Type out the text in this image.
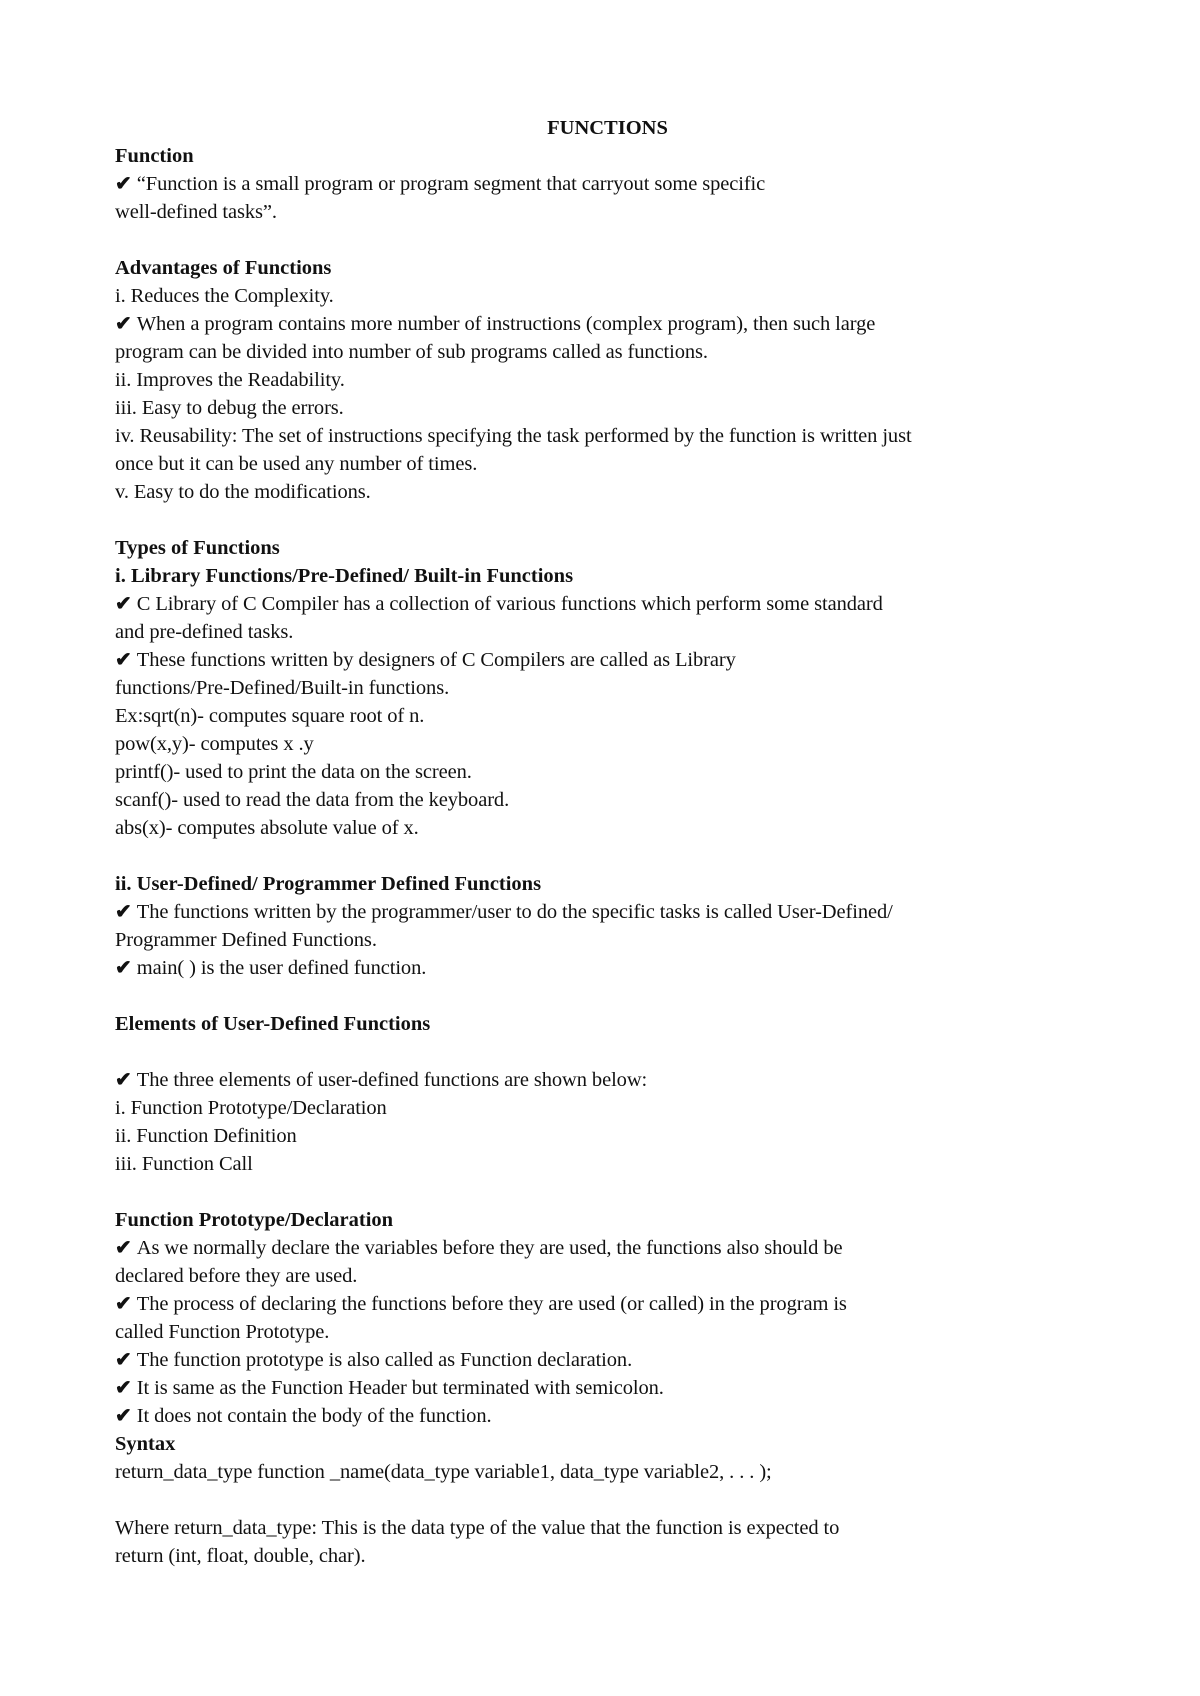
FUNCTIONS
Function
✔ “Function is a small program or program segment that carryout some specific
well-defined tasks”.
Advantages of Functions
i. Reduces the Complexity.
✔ When a program contains more number of instructions (complex program), then such large
program can be divided into number of sub programs called as functions.
ii. Improves the Readability.
iii. Easy to debug the errors.
iv. Reusability: The set of instructions specifying the task performed by the function is written just
once but it can be used any number of times.
v. Easy to do the modifications.
Types of Functions
i. Library Functions/Pre-Defined/ Built-in Functions
✔ C Library of C Compiler has a collection of various functions which perform some standard
and pre-defined tasks.
✔ These functions written by designers of C Compilers are called as Library
functions/Pre-Defined/Built-in functions.
Ex:sqrt(n)- computes square root of n.
pow(x,y)- computes x .y
printf()- used to print the data on the screen.
scanf()- used to read the data from the keyboard.
abs(x)- computes absolute value of x.
ii. User-Defined/ Programmer Defined Functions
✔ The functions written by the programmer/user to do the specific tasks is called User-Defined/
Programmer Defined Functions.
✔ main( ) is the user defined function.
Elements of User-Defined Functions
✔ The three elements of user-defined functions are shown below:
i. Function Prototype/Declaration
ii. Function Definition
iii. Function Call
Function Prototype/Declaration
✔ As we normally declare the variables before they are used, the functions also should be
declared before they are used.
✔ The process of declaring the functions before they are used (or called) in the program is
called Function Prototype.
✔ The function prototype is also called as Function declaration.
✔ It is same as the Function Header but terminated with semicolon.
✔ It does not contain the body of the function.
Syntax
return_data_type function _name(data_type variable1, data_type variable2, . . . );
Where return_data_type: This is the data type of the value that the function is expected to
return (int, float, double, char).
